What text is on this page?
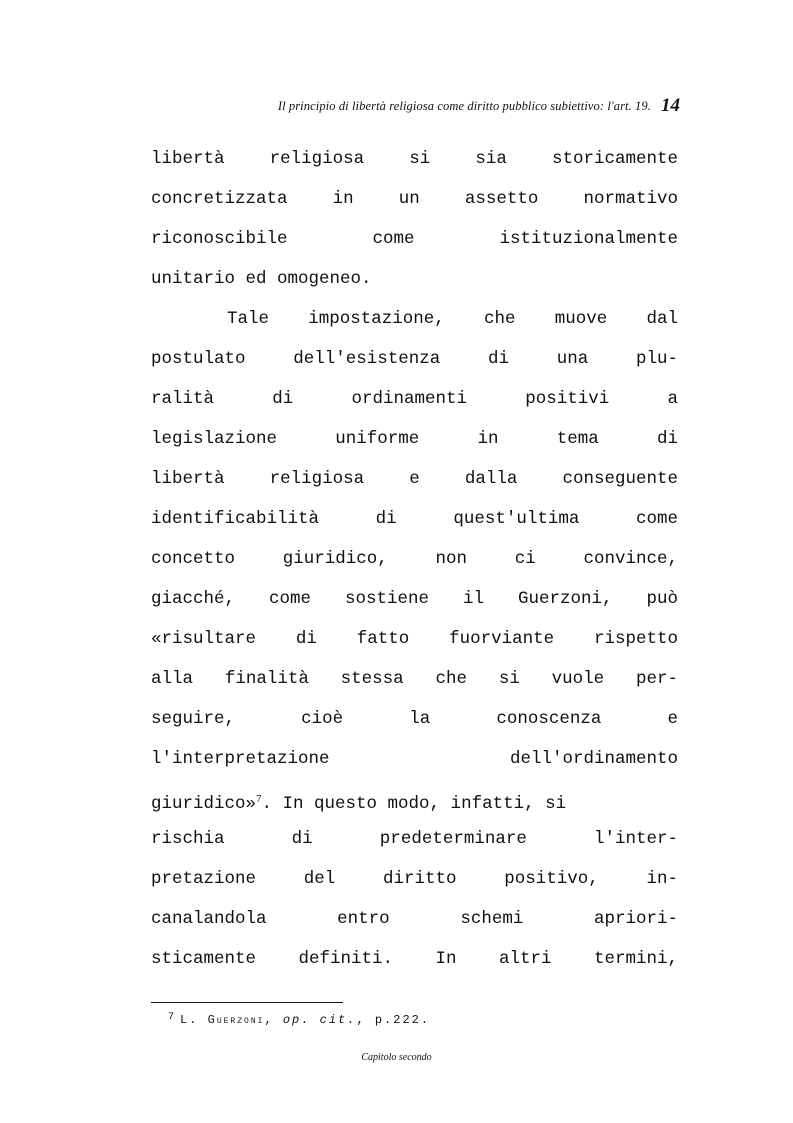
Il principio di libertà religiosa come diritto pubblico subiettivo: l'art. 19. 14
libertà religiosa si sia storicamente
concretizzata in un assetto normativo
riconoscibile come istituzionalmente
unitario ed omogeneo.
Tale impostazione, che muove dal
postulato dell'esistenza di una plu-
ralità di ordinamenti positivi a
legislazione uniforme in tema di
libertà religiosa e dalla conseguente
identificabilità di quest'ultima come
concetto giuridico, non ci convince,
giacché, come sostiene il Guerzoni, può
«risultare di fatto fuorviante rispetto
alla finalità stessa che si vuole per-
seguire, cioè la conoscenza e
l'interpretazione dell'ordinamento
giuridico»$^7$. In questo modo, infatti, si
rischia di predeterminare l'inter-
pretazione del diritto positivo, in-
canalandola entro schemi apriori-
sticamente definiti. In altri termini,
$^7$ L. Guerzoni, op. cit., p.222.
Capitolo secondo
